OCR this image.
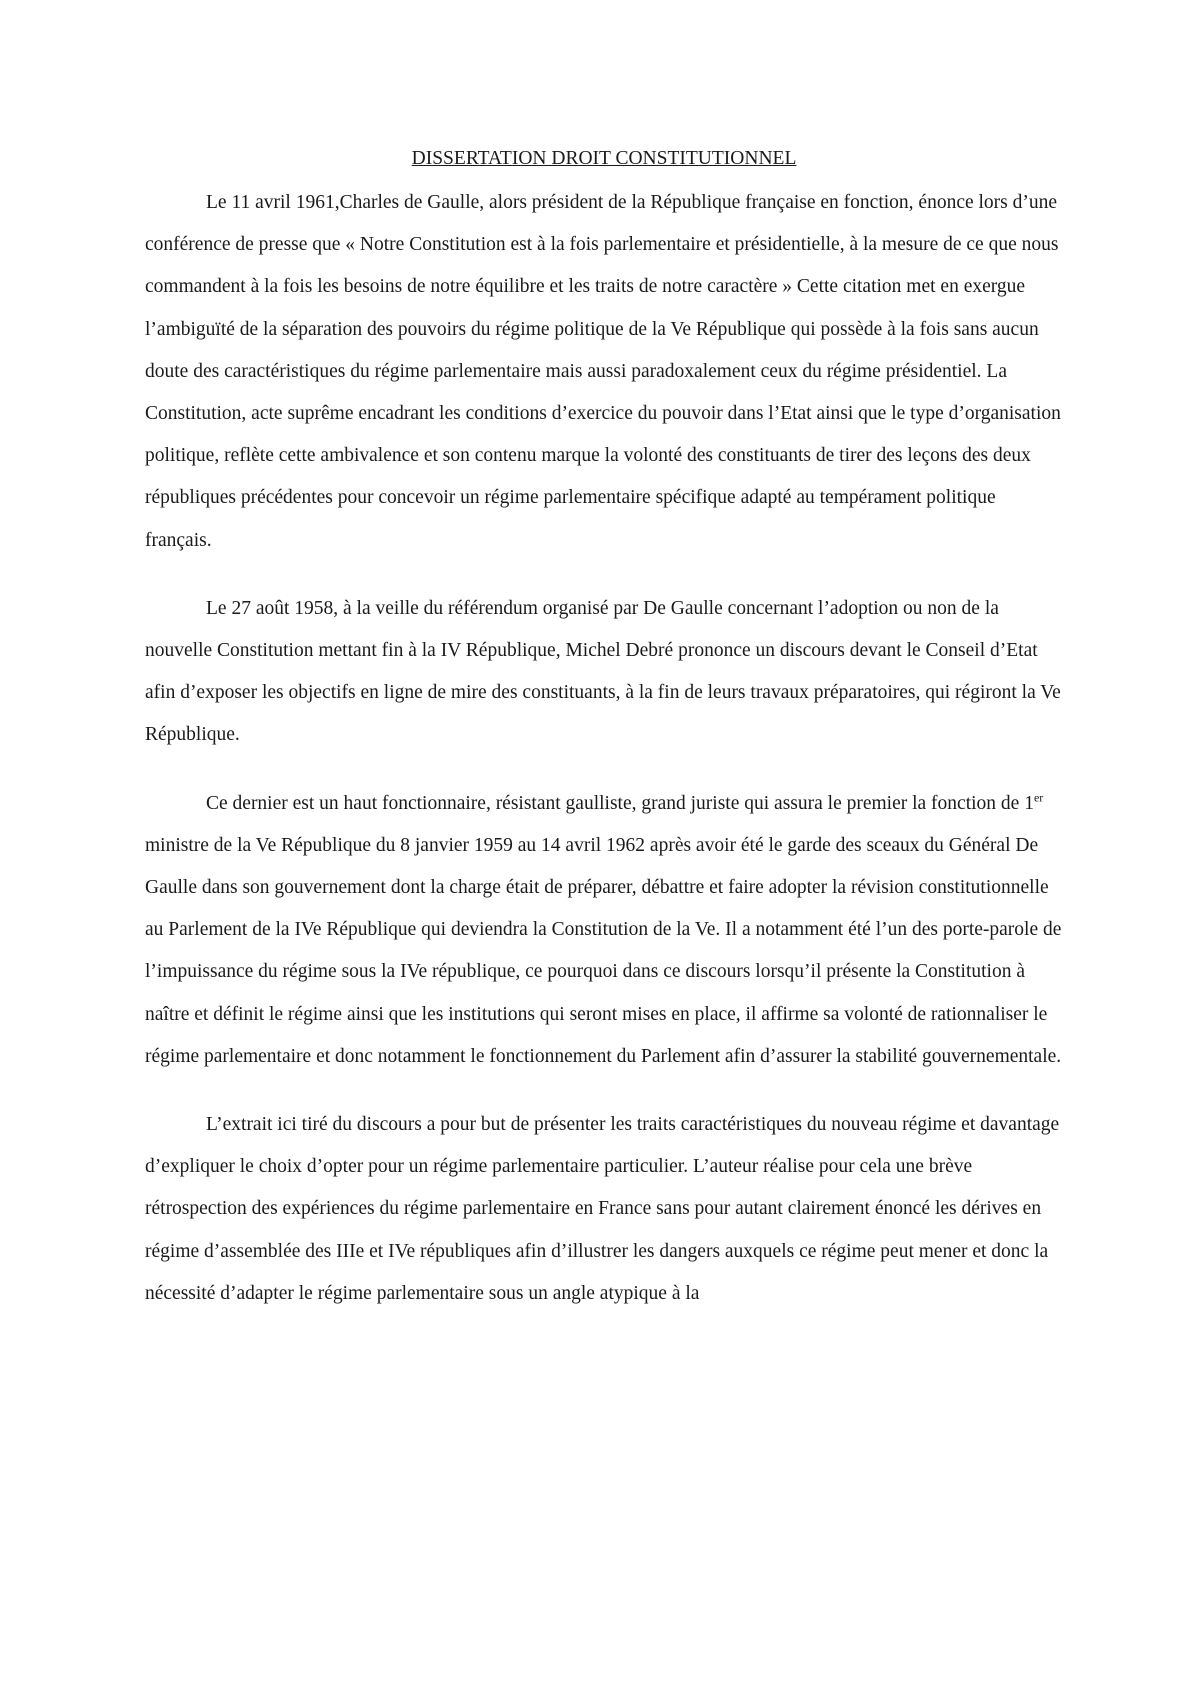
DISSERTATION DROIT CONSTITUTIONNEL

Le 11 avril 1961,Charles de Gaulle, alors président de la République française en fonction, énonce lors d’une conférence de presse que « Notre Constitution est à la fois parlementaire et présidentielle, à la mesure de ce que nous commandent à la fois les besoins de notre équilibre et les traits de notre caractère » Cette citation met en exergue l’ambiguïté de la séparation des pouvoirs du régime politique de la Ve République qui possède à la fois sans aucun doute des caractéristiques du régime parlementaire mais aussi paradoxalement ceux du régime présidentiel. La Constitution, acte suprême encadrant les conditions d’exercice du pouvoir dans l’Etat ainsi que le type d’organisation politique, reflète cette ambivalence et son contenu marque la volonté des constituants de tirer des leçons des deux républiques précédentes pour concevoir un régime parlementaire spécifique adapté au tempérament politique français.

Le 27 août 1958, à la veille du référendum organisé par De Gaulle concernant l’adoption ou non de la nouvelle Constitution mettant fin à la IV République, Michel Debré prononce un discours devant le Conseil d’Etat afin d’exposer les objectifs en ligne de mire des constituants, à la fin de leurs travaux préparatoires, qui régiront la Ve République.

Ce dernier est un haut fonctionnaire, résistant gaulliste, grand juriste qui assura le premier la fonction de 1er ministre de la Ve République du 8 janvier 1959 au 14 avril 1962 après avoir été le garde des sceaux du Général De Gaulle dans son gouvernement dont la charge était de préparer, débattre et faire adopter la révision constitutionnelle au Parlement de la IVe République qui deviendra la Constitution de la Ve. Il a notamment été l’un des porte-parole de l’impuissance du régime sous la IVe république, ce pourquoi dans ce discours lorsqu’il présente la Constitution à naître et définit le régime ainsi que les institutions qui seront mises en place, il affirme sa volonté de rationnaliser le régime parlementaire et donc notamment le fonctionnement du Parlement afin d’assurer la stabilité gouvernementale.

L’extrait ici tiré du discours a pour but de présenter les traits caractéristiques du nouveau régime et davantage d’expliquer le choix d’opter pour un régime parlementaire particulier. L’auteur réalise pour cela une brève rétrospection des expériences du régime parlementaire en France sans pour autant clairement énoncé les dérives en régime d’assemblée des IIIe et IVe républiques afin d’illustrer les dangers auxquels ce régime peut mener et donc la nécessité d’adapter le régime parlementaire sous un angle atypique à la
